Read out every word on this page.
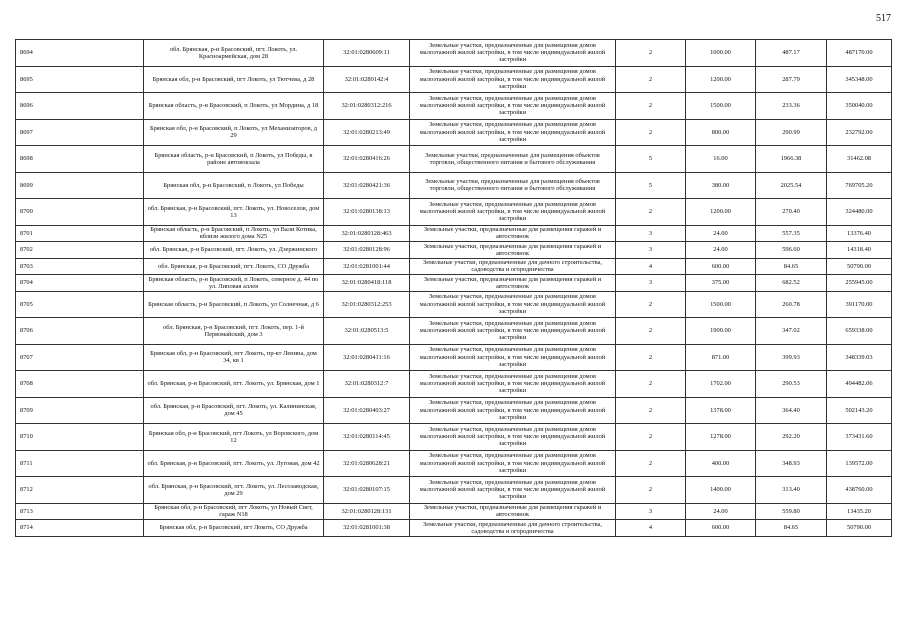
517
8694	обл. Брянская, р-н Брасовский, пгт. Локоть, ул. Красноармейская, дом 28	32:01:0280609:11	Земельные участки, предназначенные для размещения домов малоэтажной жилой застройки, в том числе индивидуальной жилой застройки	2	1000.00	487.17	487170.00
8695	Брянская обл, р-н Брасовский, пгт Локоть, ул Тютчева, д 28	32:01:0280142:4	Земельные участки, предназначенные для размещения домов малоэтажной жилой застройки, в том числе индивидуальной жилой застройки	2	1200.00	287.79	345348.00
8696	Брянская область, р-н Брасовский, п Локоть, ул Мордина, д 18	32:01:0280312:216	Земельные участки, предназначенные для размещения домов малоэтажной жилой застройки, в том числе индивидуальной жилой застройки	2	1500.00	233.36	350040.00
8697	Брянская обл, р-н Брасовский, п Локоть, ул Механизаторов, д 29	32:01:0280213:49	Земельные участки, предназначенные для размещения домов малоэтажной жилой застройки, в том числе индивидуальной жилой застройки	2	800.00	290.99	232792.00
8698	Брянская область, р-н Брасовский, п Локоть, ул Победы, в районе автовокзала	32:01:0280416:26	Земельные участки, предназначенные для размещения объектов торговли, общественного питания и бытового обслуживания	5	16.00	1966.38	31462.08
8699	Брянская обл, р-н Брасовский, п Локоть, ул Победы	32:01:0280421:36	Земельные участки, предназначенные для размещения объектов торговли, общественного питания и бытового обслуживания	5	380.00	2025.54	769705.20
8700	обл. Брянская, р-н Брасовский, пгт. Локоть, ул. Новоселов, дом 13	32:01:0280138:13	Земельные участки, предназначенные для размещения домов малоэтажной жилой застройки, в том числе индивидуальной жилой застройки	2	1200.00	270.40	324480.00
8701	Брянская область, р-н Брасовский, п Локоть, ул Вали Котика, вблизи жилого дома N25	32:01:0280128:463	Земельные участки, предназначенные для размещения гаражей и автостоянок	3	24.00	557.35	13376.40
8702	обл. Брянская, р-н Брасовский, пгт. Локоть, ул. Дзержинского	32:01:0280128:96	Земельные участки, предназначенные для размещения гаражей и автостоянок	3	24.00	596.60	14318.40
8703	обл. Брянская, р-н Брасовский, пгт. Локоть, СО Дружба	32:01:0281001:44	Земельные участки, предназначенные для дачного строительства, садоводства и огородничества	4	600.00	84.65	50790.00
8704	Брянская область, р-н Брасовский, п Локоть, северное д. 44 по ул. Липовая аллея	32:01:0280418:118	Земельные участки, предназначенные для размещения гаражей и автостоянок	3	375.00	682.52	255945.00
8705	Брянская область, р-н Брасовский, п Локоть, ул Солнечная, д 6	32:01:0280312:253	Земельные участки, предназначенные для размещения домов малоэтажной жилой застройки, в том числе индивидуальной жилой застройки	2	1500.00	260.78	391170.00
8706	обл. Брянская, р-н Брасовский, пгт. Локоть, пер. 1-й Первомайский, дом 3	32:01:0280513:5	Земельные участки, предназначенные для размещения домов малоэтажной жилой застройки, в том числе индивидуальной жилой застройки	2	1900.00	347.02	659338.00
8707	Брянская обл, р-н Брасовский, пгт Локоть, пр-кт Ленина, дом 34, кв 1	32:01:0280411:16	Земельные участки, предназначенные для размещения домов малоэтажной жилой застройки, в том числе индивидуальной жилой застройки	2	871.00	399.93	348339.03
8708	обл. Брянская, р-н Брасовский, пгт. Локоть, ул. Брянская, дом 1	32:01:0280312:7	Земельные участки, предназначенные для размещения домов малоэтажной жилой застройки, в том числе индивидуальной жилой застройки	2	1702.00	290.53	494482.06
8709	обл. Брянская, р-н Брасовский, пгт. Локоть, ул. Калининская, дом 45	32:01:0280403:27	Земельные участки, предназначенные для размещения домов малоэтажной жилой застройки, в том числе индивидуальной жилой застройки	2	1378.00	364.40	502143.20
8710	Брянская обл, р-н Брасовский, пгт Локоть, ул Воровского, дом 12	32:01:0280114:45	Земельные участки, предназначенные для размещения домов малоэтажной жилой застройки, в том числе индивидуальной жилой застройки	2	1278.00	292.20	373431.60
8711	обл. Брянская, р-н Брасовский, пгт. Локоть, ул. Луговая, дом 42	32:01:0280628:21	Земельные участки, предназначенные для размещения домов малоэтажной жилой застройки, в том числе индивидуальной жилой застройки	2	400.00	348.93	139572.00
8712	обл. Брянская, р-н Брасовский, пгт. Локоть, ул. Лесозаводская, дом 29	32:01:0280107:15	Земельные участки, предназначенные для размещения домов малоэтажной жилой застройки, в том числе индивидуальной жилой застройки	2	1400.00	313.40	438760.00
8713	Брянская обл, р-н Брасовский, пгт Локоть, ул Новый Свет, гараж N18	32:01:0280128:131	Земельные участки, предназначенные для размещения гаражей и автостоянок	3	24.00	559.80	13435.20
8714	Брянская обл, р-н Брасовский, пгт Локоть, СО Дружба	32:01:0281001:38	Земельные участки, предназначенные для дачного строительства, садоводства и огородничества	4	600.00	84.65	50790.00
